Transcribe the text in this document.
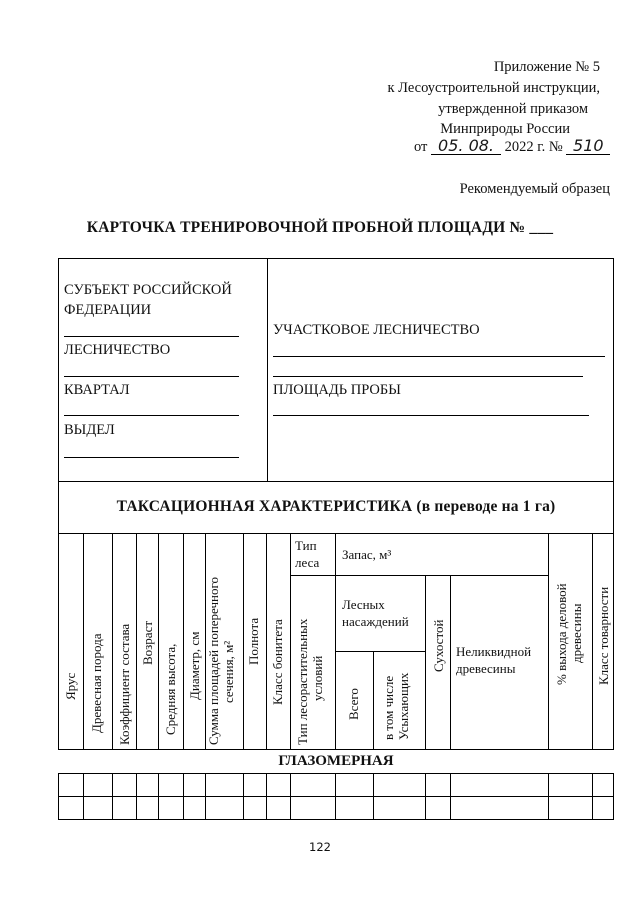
Приложение № 5
к Лесоустроительной инструкции,
утвержденной приказом
Минприроды России
от 05. 08. 2022 г. № 510
Рекомендуемый образец
КАРТОЧКА ТРЕНИРОВОЧНОЙ ПРОБНОЙ ПЛОЩАДИ № ___
СУБЪЕКТ РОССИЙСКОЙ
ФЕДЕРАЦИИ
ЛЕСНИЧЕСТВО
КВАРТАЛ
ВЫДЕЛ
УЧАСТКОВОЕ ЛЕСНИЧЕСТВО
ПЛОЩАДЬ ПРОБЫ
ТАКСАЦИОННАЯ ХАРАКТЕРИСТИКА (в переводе на 1 га)
ГЛАЗОМЕРНАЯ
Ярус Древесная порода Коэффициент состава Возраст
Средняя высота, Диаметр, см Сумма площадей поперечного сечения, м² Полнота Класс бонитета
Тип
леса
Тип лесорастительных условий
Запас, м³
Лесных
насаждений
Всего в том числе Усыхающих
Сухостой Неликвидной
древесины	% выхода деловой древесины Класс товарности
122
